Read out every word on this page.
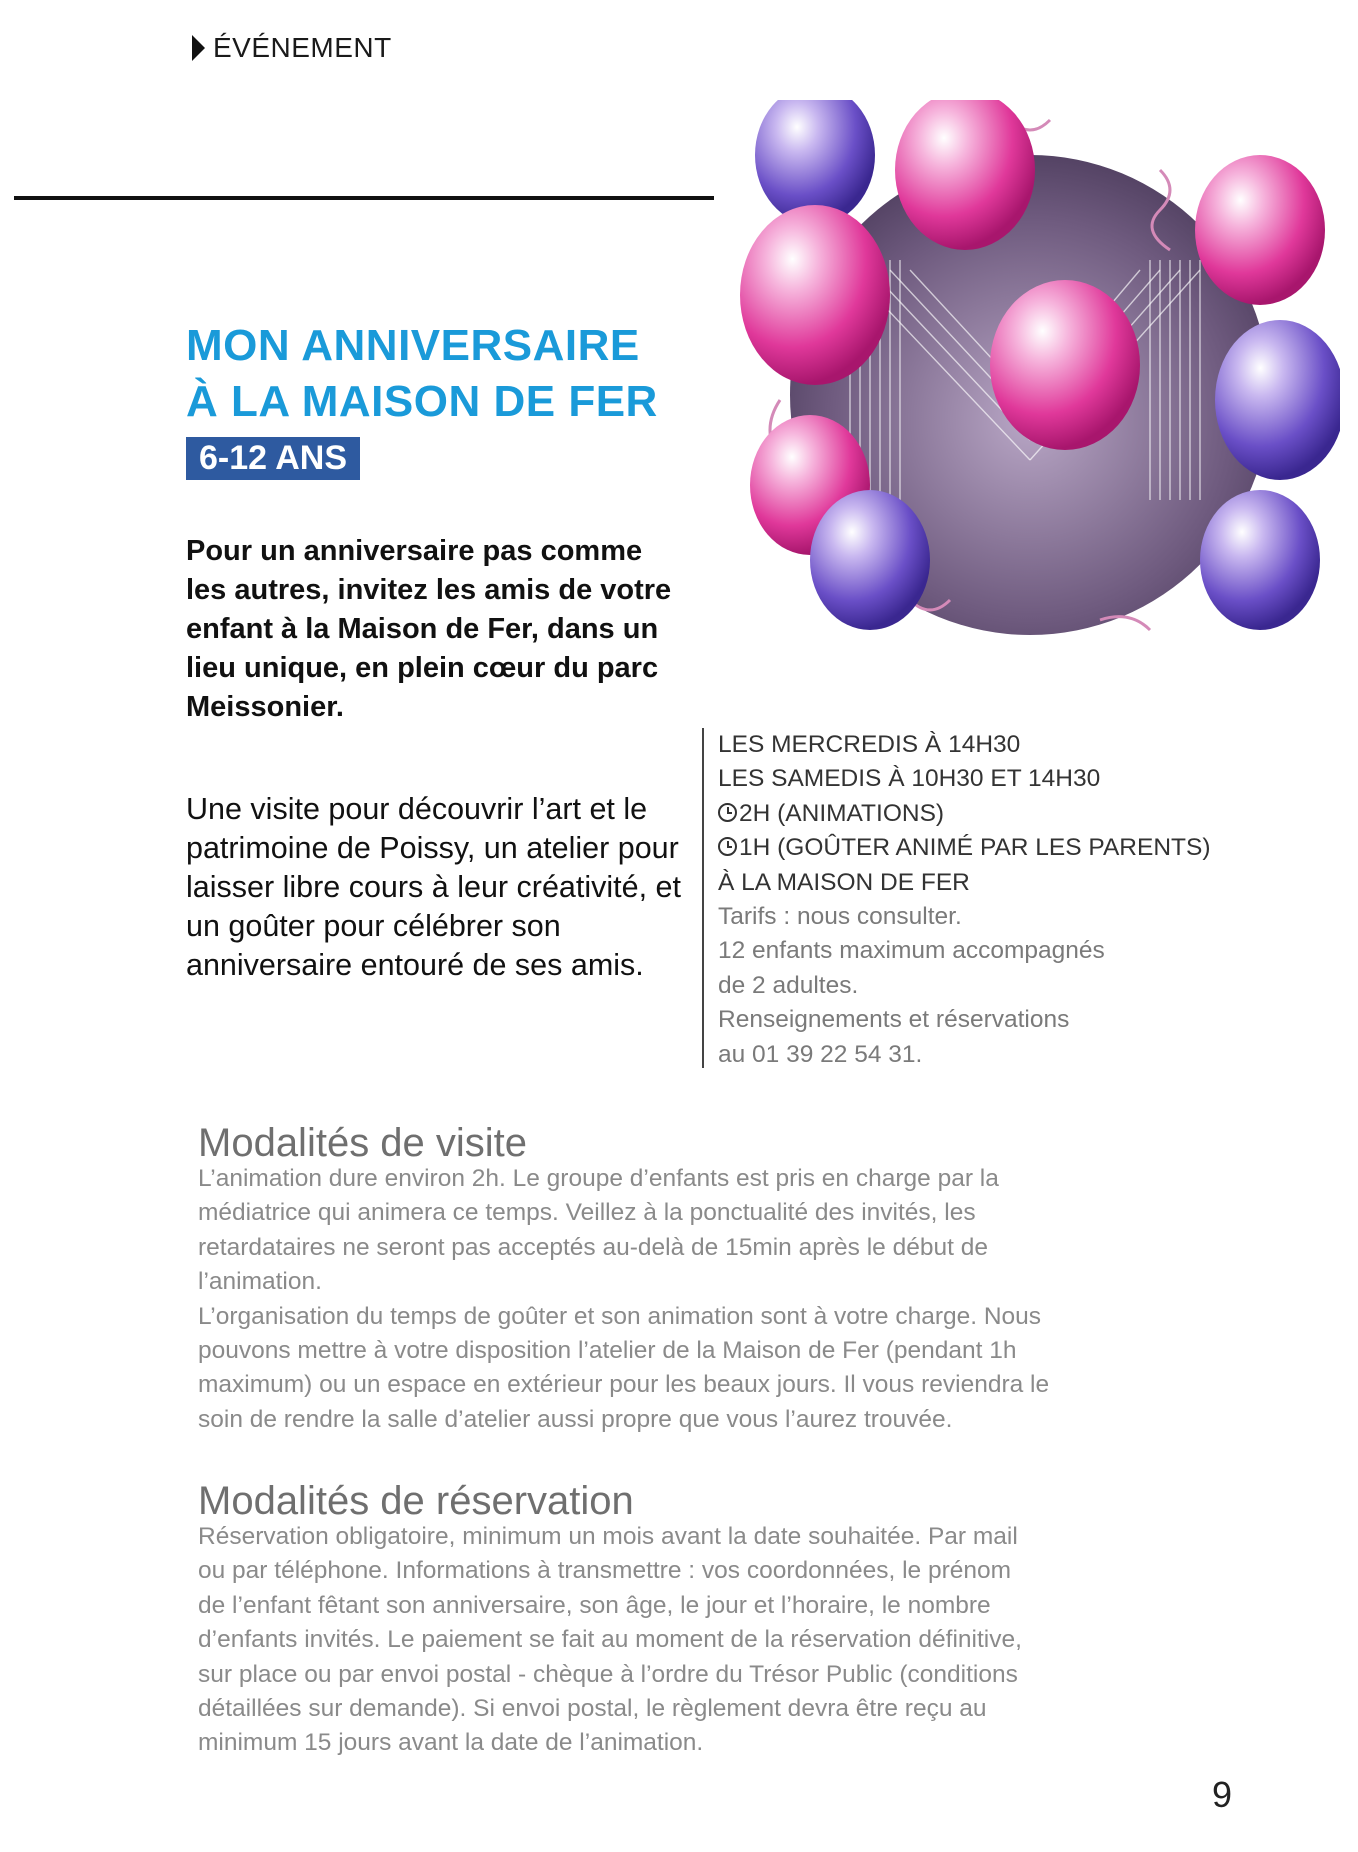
ÉVÉNEMENT
MON ANNIVERSAIRE
À LA MAISON DE FER
6-12 ANS
Pour un anniversaire pas comme les autres, invitez les amis de votre enfant à la Maison de Fer, dans un lieu unique, en plein cœur du parc Meissonier.
Une visite pour découvrir l’art et le patrimoine de Poissy, un atelier pour laisser libre cours à leur créativité, et un goûter pour célébrer son anniversaire entouré de ses amis.
LES MERCREDIS À 14H30
LES SAMEDIS À 10H30 ET 14H30
2H (ANIMATIONS)
1H (GOÛTER ANIMÉ PAR LES PARENTS)
À LA MAISON DE FER
Tarifs : nous consulter.
12 enfants maximum accompagnés
de 2 adultes.
Renseignements et réservations
au 01 39 22 54 31.
Modalités de visite
L’animation dure environ 2h. Le groupe d’enfants est pris en charge par la
médiatrice qui animera ce temps. Veillez à la ponctualité des invités, les
retardataires ne seront pas acceptés au-delà de 15min après le début de
l’animation.
L’organisation du temps de goûter et son animation sont à votre charge. Nous
pouvons mettre à votre disposition l’atelier de la Maison de Fer (pendant 1h
maximum) ou un espace en extérieur pour les beaux jours. Il vous reviendra le
soin de rendre la salle d’atelier aussi propre que vous l’aurez trouvée.
Modalités de réservation
Réservation obligatoire, minimum un mois avant la date souhaitée. Par mail
ou par téléphone. Informations à transmettre : vos coordonnées, le prénom
de l’enfant fêtant son anniversaire, son âge, le jour et l’horaire, le nombre
d’enfants invités. Le paiement se fait au moment de la réservation définitive,
sur place ou par envoi postal - chèque à l’ordre du Trésor Public (conditions
détaillées sur demande). Si envoi postal, le règlement devra être reçu au
minimum 15 jours avant la date de l’animation.
9
